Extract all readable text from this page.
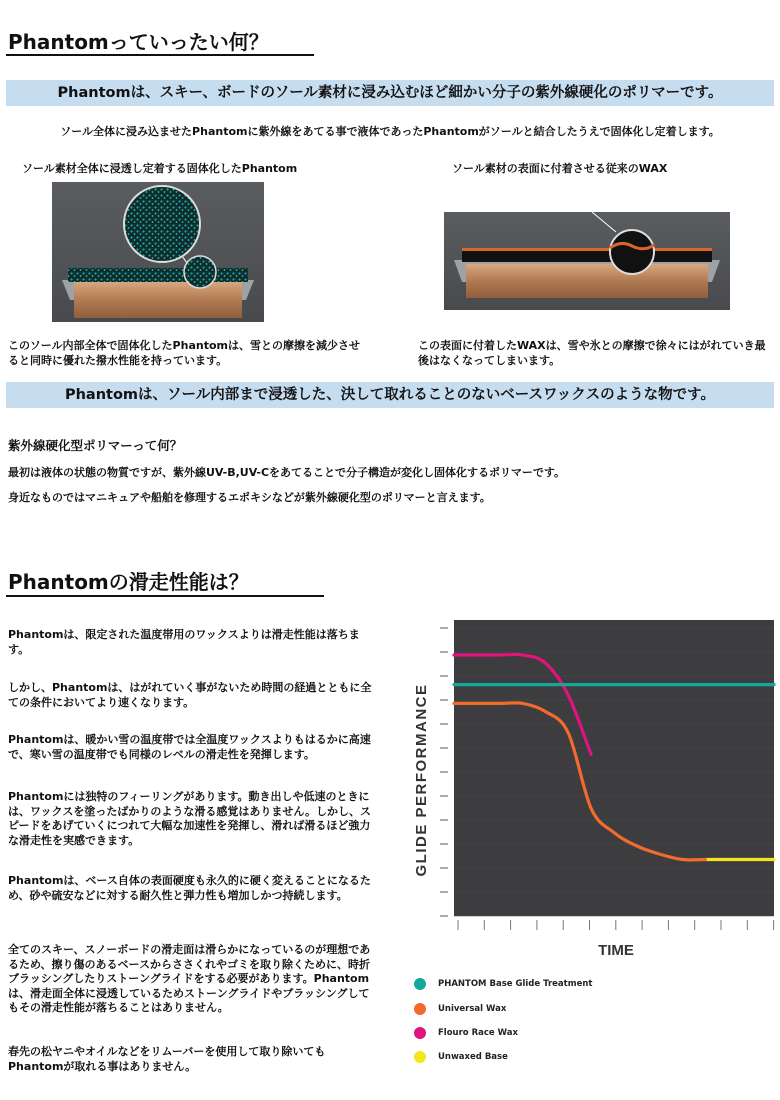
Phantomっていったい何？
Phantomは、スキー、ボードのソール素材に浸み込むほど細かい分子の紫外線硬化のポリマーです。
ソール全体に浸み込ませたPhantomに紫外線をあてる事で液体であったPhantomがソールと結合したうえで固体化し定着します。
ソール素材全体に浸透し定着する固体化したPhantom	ソール素材の表面に付着させる従来のWAX
このソール内部全体で固体化したPhantomは、雪との摩擦を減少させると同時に優れた撥水性能を持っています。
この表面に付着したWAXは、雪や氷との摩擦で徐々にはがれていき最後はなくなってしまいます。
Phantomは、ソール内部まで浸透した、決して取れることのないベースワックスのような物です。
紫外線硬化型ポリマーって何？
最初は液体の状態の物質ですが、紫外線UV-B,UV-Cをあてることで分子構造が変化し固体化するポリマーです。
身近なものではマニキュアや船舶を修理するエポキシなどが紫外線硬化型のポリマーと言えます。
Phantomの滑走性能は？
Phantomは、限定された温度帯用のワックスよりは滑走性能は落ちます。
しかし、Phantomは、はがれていく事がないため時間の経過とともに全ての条件においてより速くなります。
Phantomは、暖かい雪の温度帯では全温度ワックスよりもはるかに高速で、寒い雪の温度帯でも同様のレベルの滑走性を発揮します。
Phantomには独特のフィーリングがあります。動き出しや低速のときには、ワックスを塗ったばかりのような滑る感覚はありません。しかし、スピードをあげていくにつれて大幅な加速性を発揮し、滑れば滑るほど強力な滑走性を実感できます。
Phantomは、ベース自体の表面硬度も永久的に硬く変えることになるため、砂や硫安などに対する耐久性と弾力性も増加しかつ持続します。
全てのスキー、スノーボードの滑走面は滑らかになっているのが理想であるため、擦り傷のあるベースからささくれやゴミを取り除くために、時折ブラッシングしたりストーングライドをする必要があります。Phantomは、滑走面全体に浸透しているためストーングライドやブラッシングしてもその滑走性能が落ちることはありません。
春先の松ヤニやオイルなどをリムーバーを使用して取り除いてもPhantomが取れる事はありません。
GLIDE PERFORMANCE
TIME
PHANTOM Base Glide Treatment
Universal Wax
Flouro Race Wax
Unwaxed Base
